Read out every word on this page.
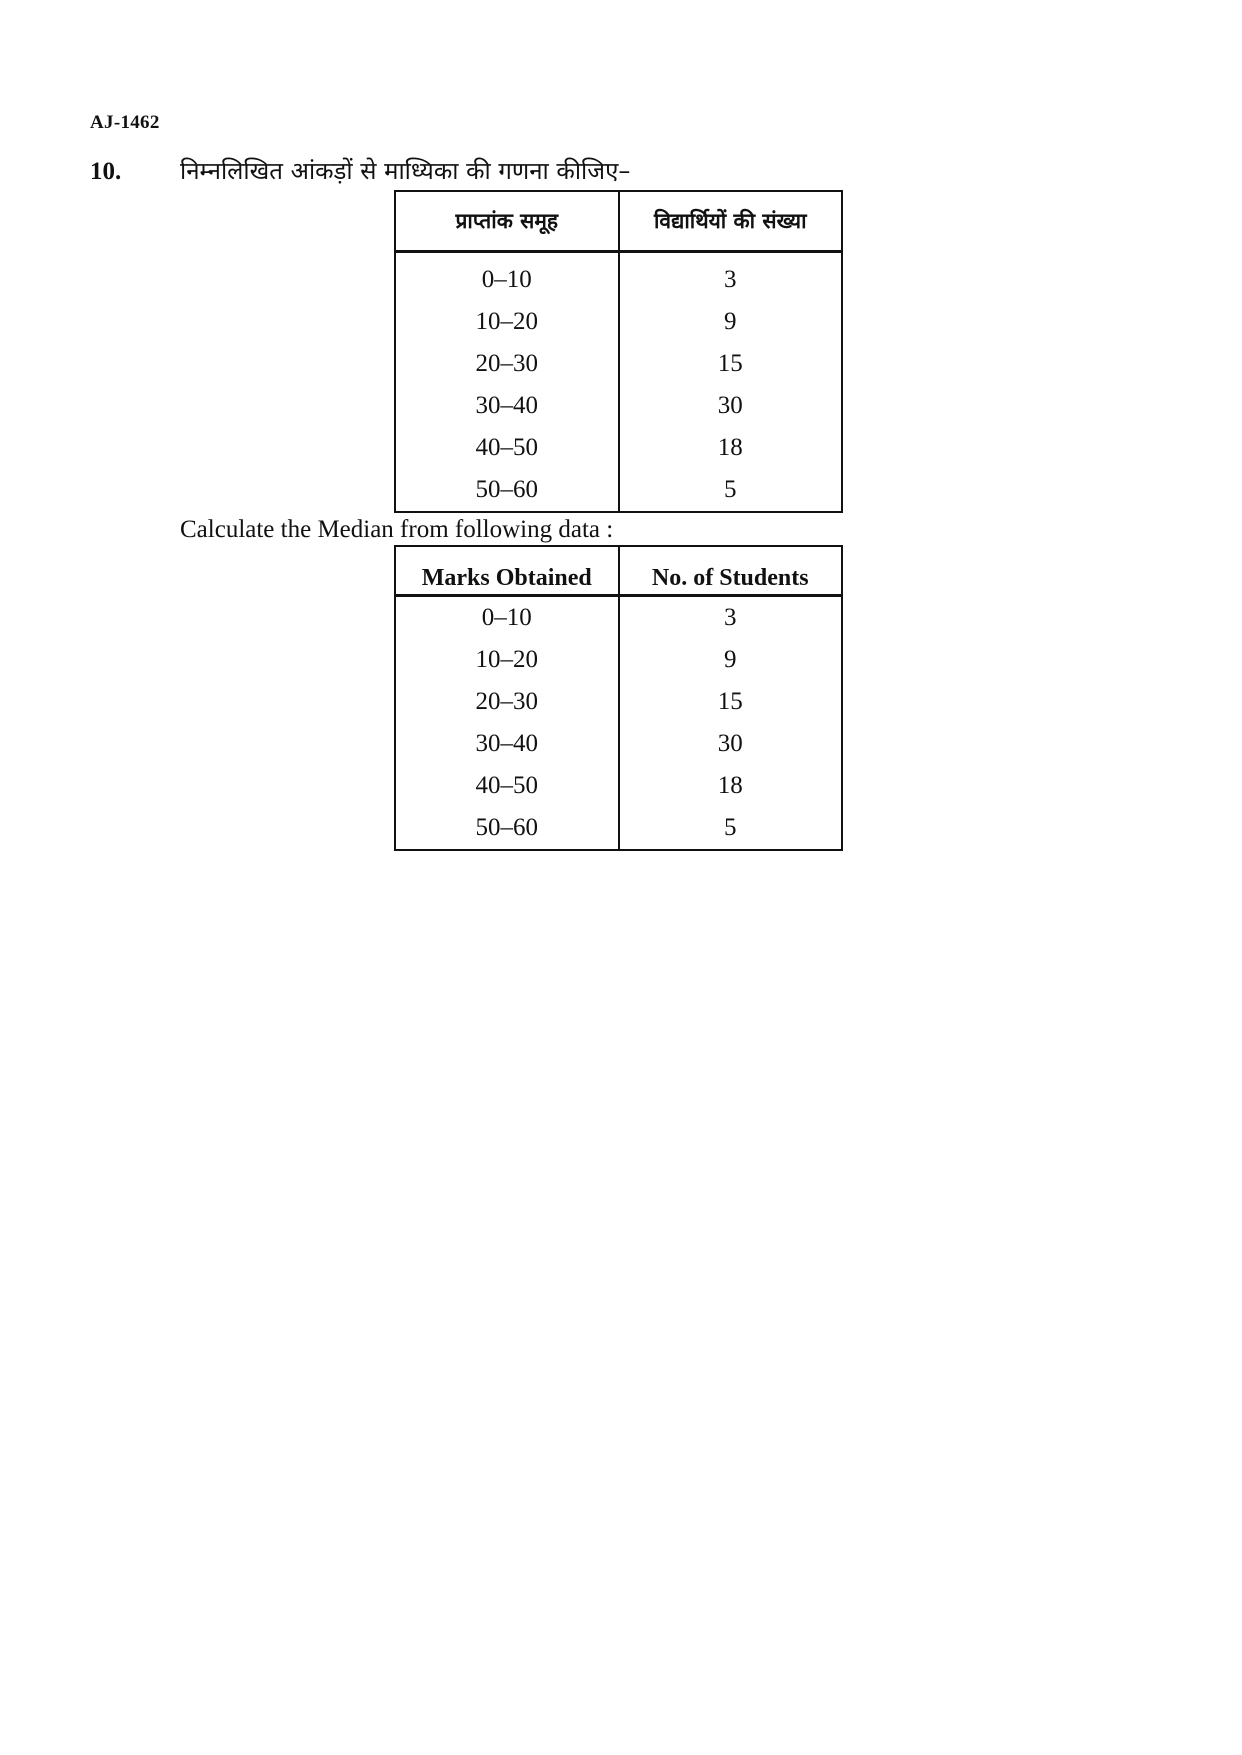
AJ-1462
10. निम्नलिखित आंकड़ों से माध्यिका की गणना कीजिए–
प्राप्तांक समूह	विद्यार्थियों की संख्या
0–10	3
10–20	9
20–30	15
30–40	30
40–50	18
50–60	5
Calculate the Median from following data :
Marks Obtained	No. of Students
0–10	3
10–20	9
20–30	15
30–40	30
40–50	18
50–60	5
